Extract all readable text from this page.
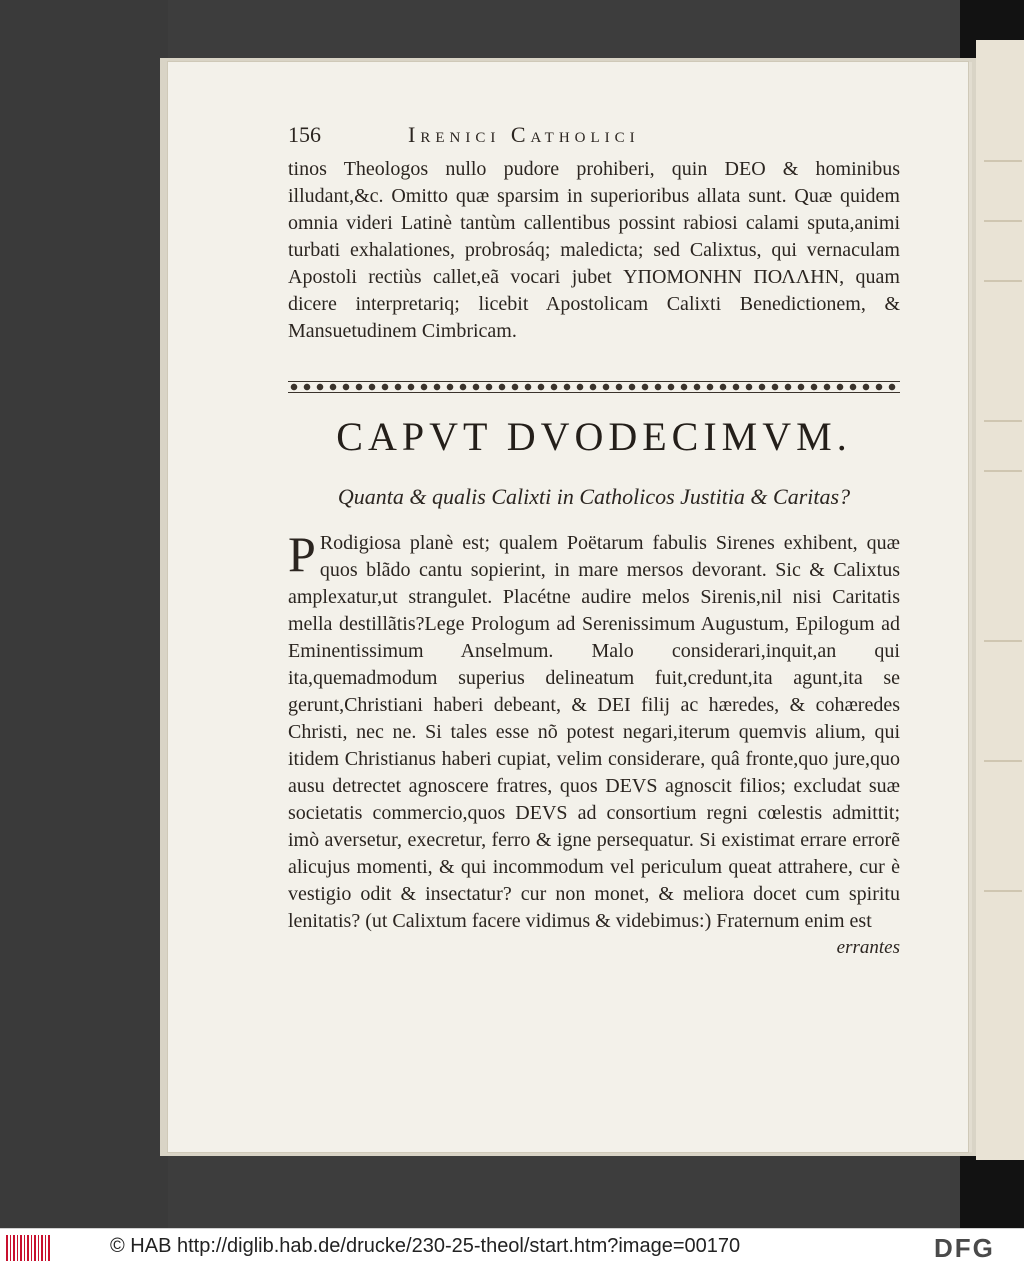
156	Irenici Catholici

tinos Theologos nullo pudore prohiberi, quin DEO & hominibus illudant,&c. Omitto quæ sparsim in superioribus allata sunt. Quæ quidem omnia videri Latinè tantùm callentibus possint rabiosi calami sputa,animi turbati exhalationes, probrosáq; maledicta; sed Calixtus, qui vernaculam Apostoli rectiùs callet,eã vocari jubet ΥΠΟΜΟΝΗΝ ΠΟΛΛΗΝ, quam dicere interpretariq; licebit Apostolicam Calixti Benedictionem, & Mansuetudinem Cimbricam.

CAPVT DVODECIMVM.
Quanta & qualis Calixti in Catholicos Justitia & Caritas?
P Rodigiosa planè est; qualem Poëtarum fabulis Sirenes exhibent, quæ quos blãdo cantu sopierint, in mare mersos devorant. Sic & Calixtus amplexatur,ut strangulet. Placétne audire melos Sirenis,nil nisi Caritatis mella destillãtis?Lege Prologum ad Serenissimum Augustum, Epilogum ad Eminentissimum Anselmum. Malo considerari,inquit,an qui ita,quemadmodum superius delineatum fuit,credunt,ita agunt,ita se gerunt,Christiani haberi debeant, & DEI filij ac hæredes, & cohæredes Christi, nec ne. Si tales esse nõ potest negari,iterum quemvis alium, qui itidem Christianus haberi cupiat, velim considerare, quâ fronte,quo jure,quo ausu detrectet agnoscere fratres, quos DEVS agnoscit filios; excludat suæ societatis commercio,quos DEVS ad consortium regni cœlestis admittit; imò aversetur, execretur, ferro & igne persequatur. Si existimat errare errorẽ alicujus momenti, & qui incommodum vel periculum queat attrahere, cur è vestigio odit & insectatur? cur non monet, & meliora docet cum spiritu lenitatis? (ut Calixtum facere vidimus & videbimus:) Fraternum enim est

errantes
© HAB http://diglib.hab.de/drucke/230-25-theol/start.htm?image=00170	DFG
